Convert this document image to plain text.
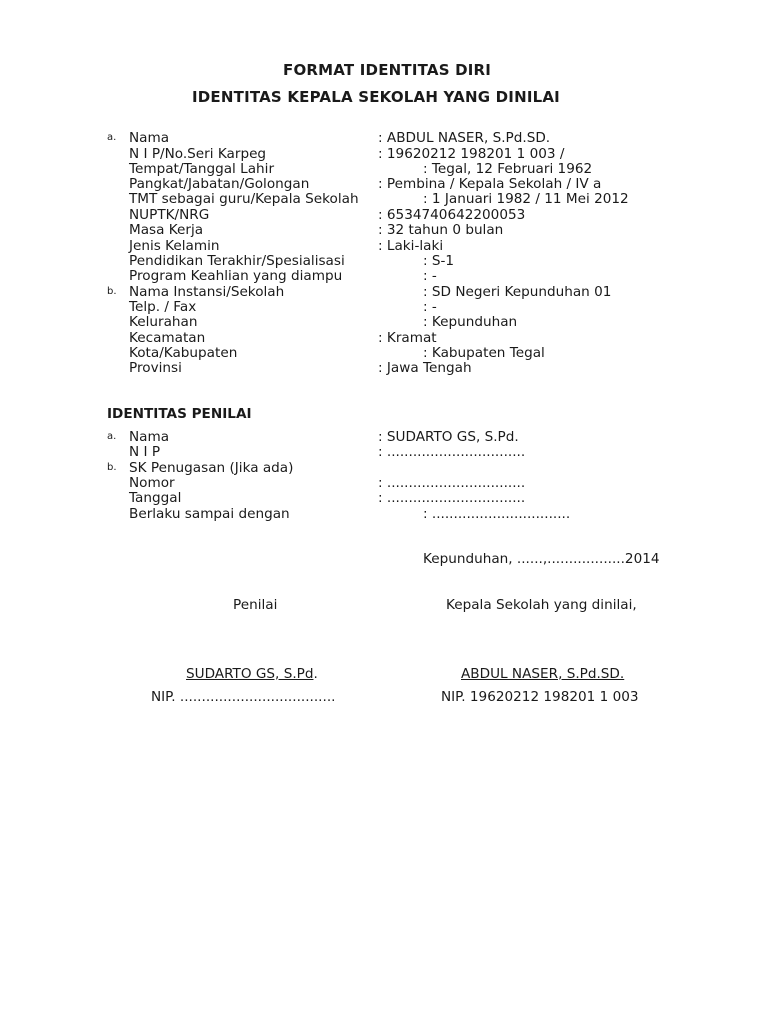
FORMAT IDENTITAS DIRI
IDENTITAS KEPALA SEKOLAH YANG DINILAI
a. Nama	: ABDUL NASER, S.Pd.SD.
N I P/No.Seri Karpeg	: 19620212 198201 1 003 /
Tempat/Tanggal Lahir	: Tegal, 12 Februari 1962
Pangkat/Jabatan/Golongan	: Pembina / Kepala Sekolah / IV a
TMT sebagai guru/Kepala Sekolah	: 1 Januari 1982 / 11 Mei 2012
NUPTK/NRG	: 6534740642200053
Masa Kerja	: 32 tahun 0 bulan
Jenis Kelamin	: Laki-laki
Pendidikan Terakhir/Spesialisasi	: S-1
Program Keahlian yang diampu	: -
b. Nama Instansi/Sekolah	: SD Negeri Kepunduhan 01
Telp. / Fax	: -
Kelurahan	: Kepunduhan
Kecamatan	: Kramat
Kota/Kabupaten	: Kabupaten Tegal
Provinsi	: Jawa Tengah
IDENTITAS PENILAI
a. Nama	: SUDARTO GS, S.Pd.
N I P	: ................................
b. SK Penugasan (Jika ada)
Nomor	: ................................
Tanggal	: ................................
Berlaku sampai dengan	: ................................
Kepunduhan, ......,..................2014
Penilai	Kepala Sekolah yang dinilai,
SUDARTO GS, S.Pd.	ABDUL NASER, S.Pd.SD.
NIP. ....................................	NIP. 19620212 198201 1 003
